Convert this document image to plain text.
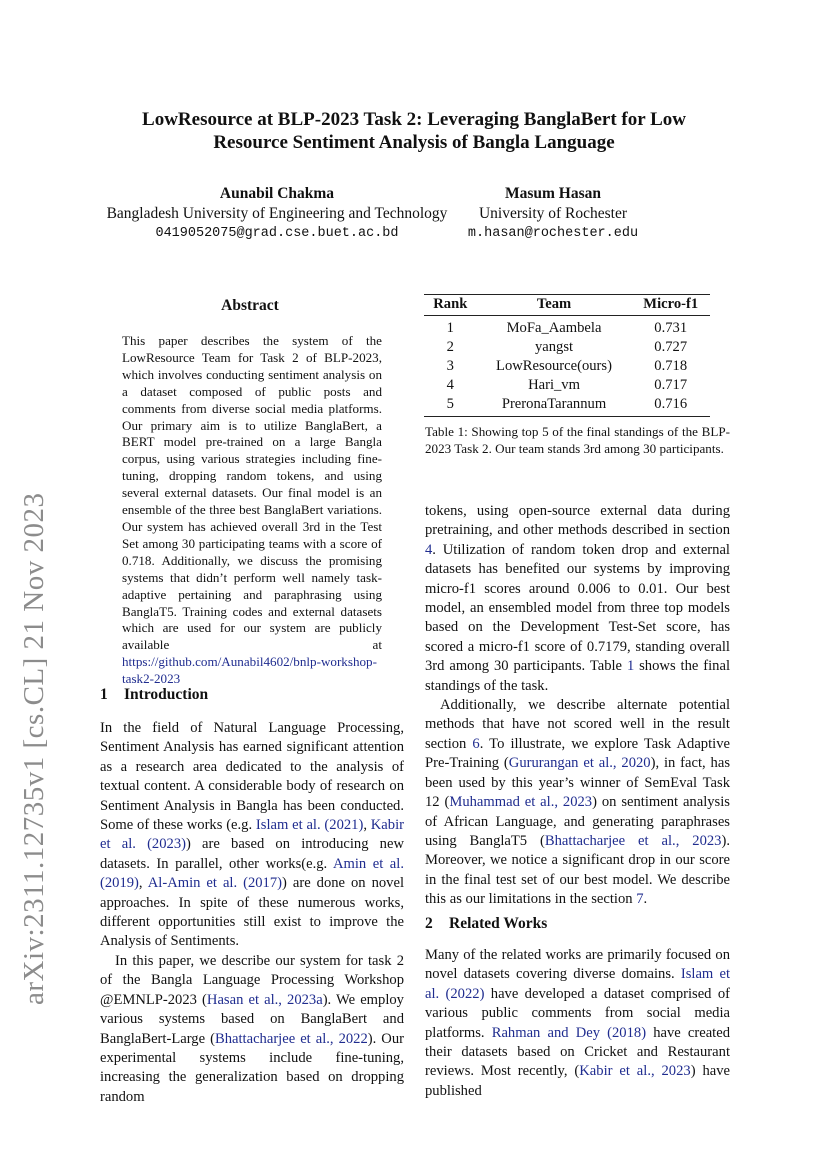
arXiv:2311.12735v1 [cs.CL] 21 Nov 2023
LowResource at BLP-2023 Task 2: Leveraging BanglaBert for Low
Resource Sentiment Analysis of Bangla Language
Aunabil Chakma
Bangladesh University of Engineering and Technology
0419052075@grad.cse.buet.ac.bd
Masum Hasan
University of Rochester
m.hasan@rochester.edu
Abstract
This paper describes the system of the LowResource Team for Task 2 of BLP-2023, which involves conducting sentiment analysis on a dataset composed of public posts and comments from diverse social media platforms. Our primary aim is to utilize BanglaBert, a BERT model pre-trained on a large Bangla corpus, using various strategies including fine-tuning, dropping random tokens, and using several external datasets. Our final model is an ensemble of the three best BanglaBert variations. Our system has achieved overall 3rd in the Test Set among 30 participating teams with a score of 0.718. Additionally, we discuss the promising systems that didn’t perform well namely task-adaptive pertaining and paraphrasing using BanglaT5. Training codes and external datasets which are used for our system are publicly available at https://github.com/Aunabil4602/bnlp-workshop-task2-2023
1 Introduction

In the field of Natural Language Processing, Sentiment Analysis has earned significant attention as a research area dedicated to the analysis of textual content. A considerable body of research on Sentiment Analysis in Bangla has been conducted. Some of these works (e.g. Islam et al. (2021), Kabir et al. (2023)) are based on introducing new datasets. In parallel, other works(e.g. Amin et al. (2019), Al-Amin et al. (2017)) are done on novel approaches. In spite of these numerous works, different opportunities still exist to improve the Analysis of Sentiments.

In this paper, we describe our system for task 2 of the Bangla Language Processing Workshop @EMNLP-2023 (Hasan et al., 2023a). We employ various systems based on BanglaBert and BanglaBert-Large (Bhattacharjee et al., 2022). Our experimental systems include fine-tuning, increasing the generalization based on dropping random

Rank	Team	Micro-f1
1	MoFa_Aambela	0.731
2	yangst	0.727
3	LowResource(ours)	0.718
4	Hari_vm	0.717
5	PreronaTarannum	0.716
Table 1: Showing top 5 of the final standings of the BLP-2023 Task 2. Our team stands 3rd among 30 participants.

tokens, using open-source external data during pretraining, and other methods described in section 4. Utilization of random token drop and external datasets has benefited our systems by improving micro-f1 scores around 0.006 to 0.01. Our best model, an ensembled model from three top models based on the Development Test-Set score, has scored a micro-f1 score of 0.7179, standing overall 3rd among 30 participants. Table 1 shows the final standings of the task.

Additionally, we describe alternate potential methods that have not scored well in the result section 6. To illustrate, we explore Task Adaptive Pre-Training (Gururangan et al., 2020), in fact, has been used by this year’s winner of SemEval Task 12 (Muhammad et al., 2023) on sentiment analysis of African Language, and generating paraphrases using BanglaT5 (Bhattacharjee et al., 2023). Moreover, we notice a significant drop in our score in the final test set of our best model. We describe this as our limitations in the section 7.

2 Related Works

Many of the related works are primarily focused on novel datasets covering diverse domains. Islam et al. (2022) have developed a dataset comprised of various public comments from social media platforms. Rahman and Dey (2018) have created their datasets based on Cricket and Restaurant reviews. Most recently, (Kabir et al., 2023) have published
